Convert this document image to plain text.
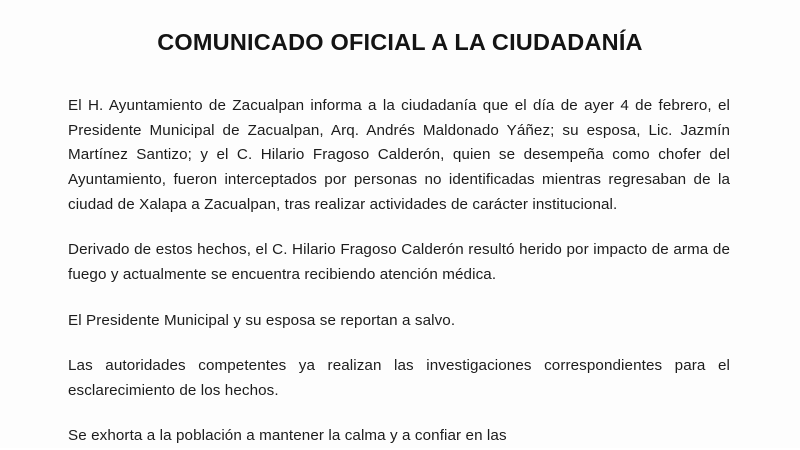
COMUNICADO OFICIAL A LA CIUDADANÍA

El H. Ayuntamiento de Zacualpan informa a la ciudadanía que el día de ayer 4 de febrero, el Presidente Municipal de Zacualpan, Arq. Andrés Maldonado Yáñez; su esposa, Lic. Jazmín Martínez Santizo; y el C. Hilario Fragoso Calderón, quien se desempeña como chofer del Ayuntamiento, fueron interceptados por personas no identificadas mientras regresaban de la ciudad de Xalapa a Zacualpan, tras realizar actividades de carácter institucional.

Derivado de estos hechos, el C. Hilario Fragoso Calderón resultó herido por impacto de arma de fuego y actualmente se encuentra recibiendo atención médica.

El Presidente Municipal y su esposa se reportan a salvo.

Las autoridades competentes ya realizan las investigaciones correspondientes para el esclarecimiento de los hechos.

Se exhorta a la población a mantener la calma y a confiar en las
